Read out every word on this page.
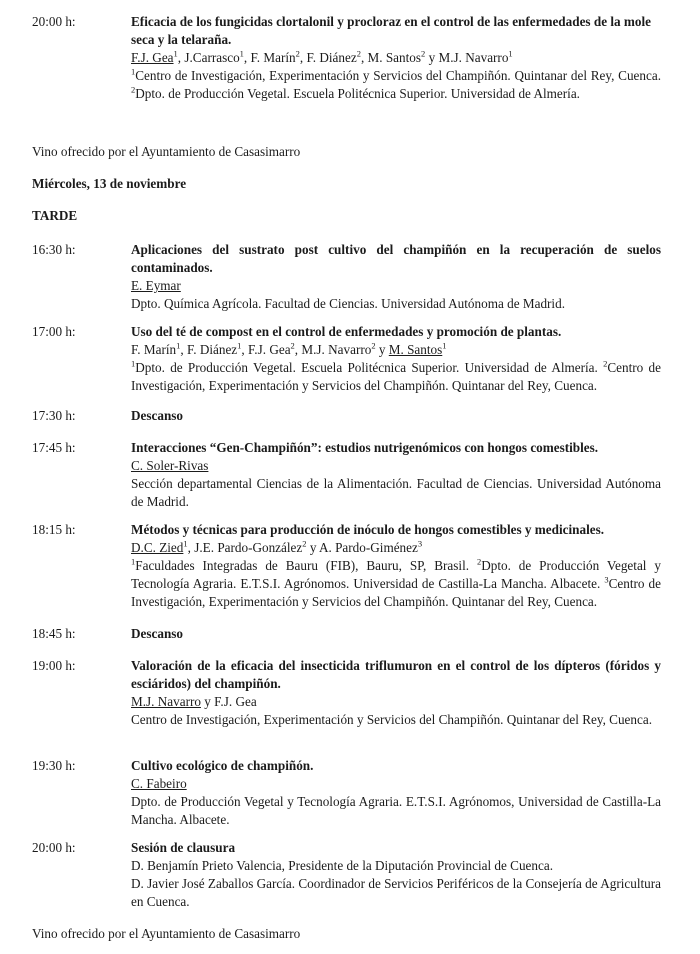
20:00 h:	Eficacia de los fungicidas clortalonil y procloraz en el control de las enfermedades de la mole seca y la telaraña.

F.J. Gea$^1$, J.Carrasco$^1$, F. Marín$^2$, F. Diánez$^2$, M. Santos$^2$ y M.J. Navarro$^1$

$^1$Centro de Investigación, Experimentación y Servicios del Champiñón. Quintanar del Rey, Cuenca. $^2$Dpto. de Producción Vegetal. Escuela Politécnica Superior. Universidad de Almería.

Vino ofrecido por el Ayuntamiento de Casasimarro
Miércoles, 13 de noviembre
TARDE
16:30 h:	Aplicaciones del sustrato post cultivo del champiñón en la recuperación de suelos contaminados.

E. Eymar

Dpto. Química Agrícola. Facultad de Ciencias. Universidad Autónoma de Madrid.

17:00 h:	Uso del té de compost en el control de enfermedades y promoción de plantas.

F. Marín$^1$, F. Diánez$^1$, F.J. Gea$^2$, M.J. Navarro$^2$ y M. Santos$^1$

$^1$Dpto. de Producción Vegetal. Escuela Politécnica Superior. Universidad de Almería. $^2$Centro de Investigación, Experimentación y Servicios del Champiñón. Quintanar del Rey, Cuenca.

17:30 h:	Descanso
17:45 h:	Interacciones “Gen-Champiñón”: estudios nutrigenómicos con hongos comestibles.

C. Soler-Rivas

Sección departamental Ciencias de la Alimentación. Facultad de Ciencias. Universidad Autónoma de Madrid.

18:15 h:	Métodos y técnicas para producción de inóculo de hongos comestibles y medicinales.

D.C. Zied$^1$, J.E. Pardo-González$^2$ y A. Pardo-Giménez$^3$

$^1$Faculdades Integradas de Bauru (FIB), Bauru, SP, Brasil. $^2$Dpto. de Producción Vegetal y Tecnología Agraria. E.T.S.I. Agrónomos. Universidad de Castilla-La Mancha. Albacete. $^3$Centro de Investigación, Experimentación y Servicios del Champiñón. Quintanar del Rey, Cuenca.

18:45 h:	Descanso
19:00 h:	Valoración de la eficacia del insecticida triflumuron en el control de los dípteros (fóridos y esciáridos) del champiñón.

M.J. Navarro y F.J. Gea

Centro de Investigación, Experimentación y Servicios del Champiñón. Quintanar del Rey, Cuenca.

19:30 h:	Cultivo ecológico de champiñón.

C. Fabeiro

Dpto. de Producción Vegetal y Tecnología Agraria. E.T.S.I. Agrónomos, Universidad de Castilla-La Mancha. Albacete.

20:00 h:	Sesión de clausura

D. Benjamín Prieto Valencia, Presidente de la Diputación Provincial de Cuenca.

D. Javier José Zaballos García. Coordinador de Servicios Periféricos de la Consejería de Agricultura en Cuenca.

Vino ofrecido por el Ayuntamiento de Casasimarro
